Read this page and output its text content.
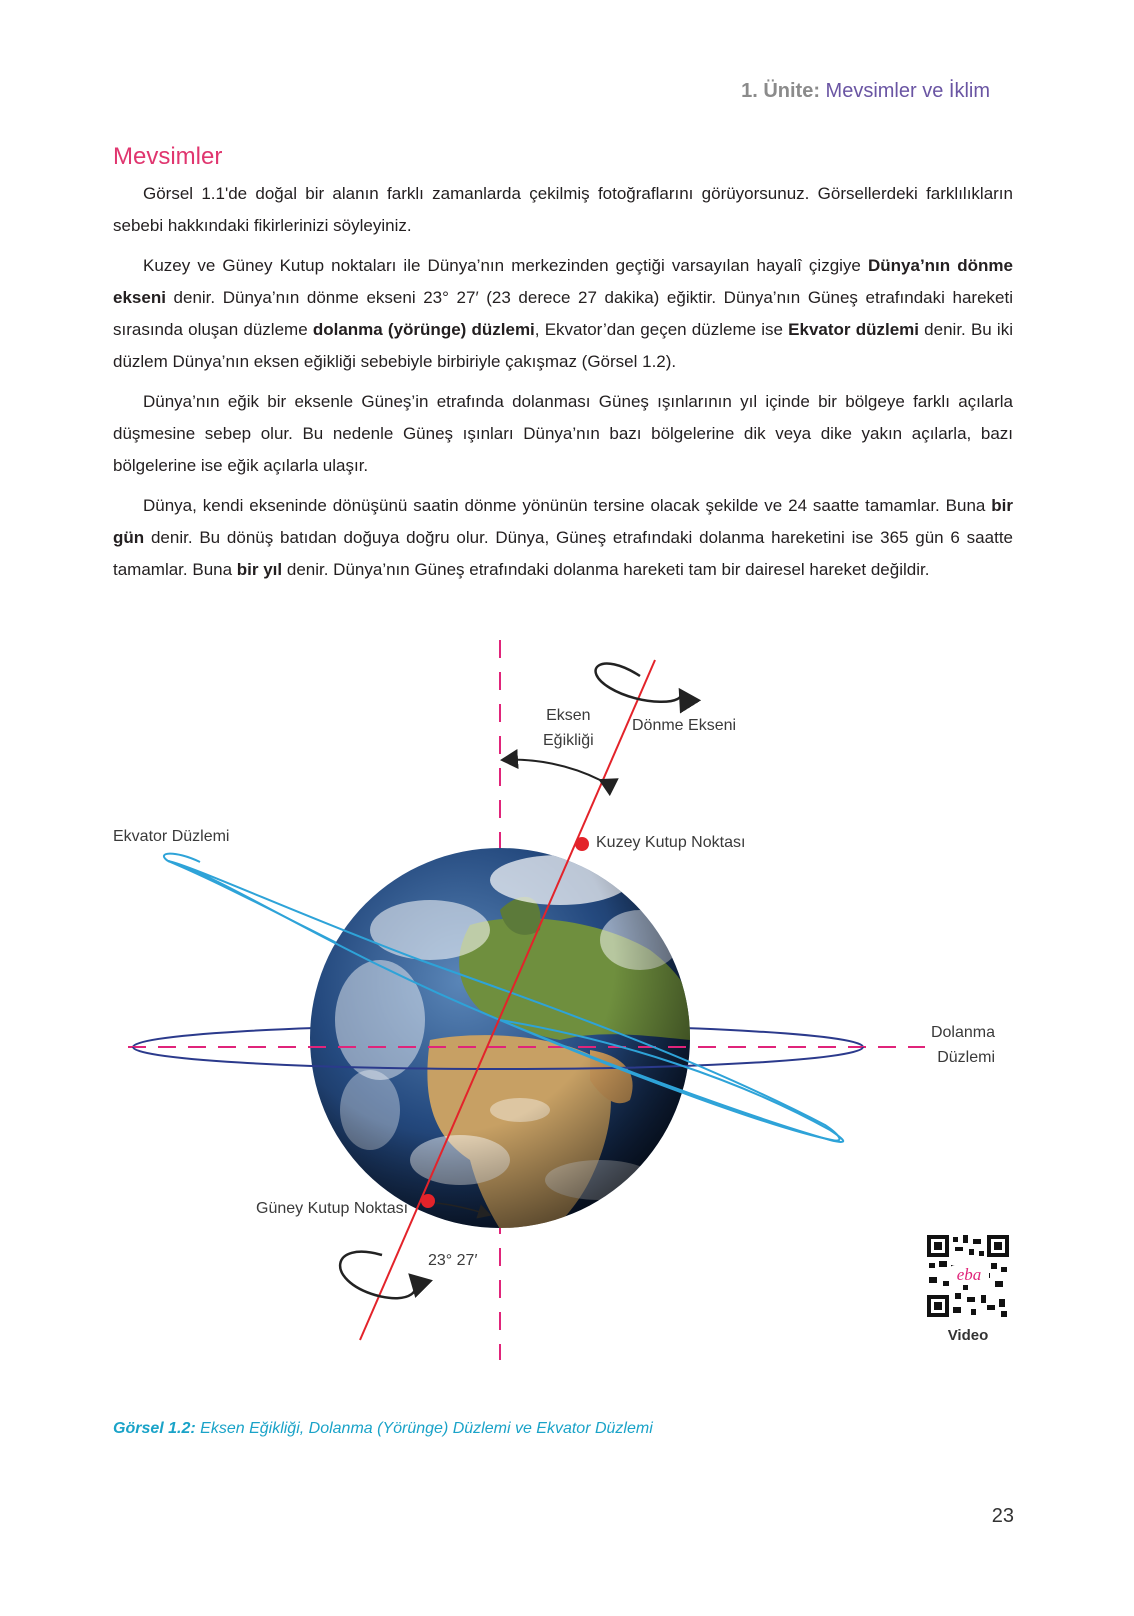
1. Ünite: Mevsimler ve İklim
Mevsimler

Görsel 1.1'de doğal bir alanın farklı zamanlarda çekilmiş fotoğraflarını görüyorsunuz. Görsellerdeki farklılıkların sebebi hakkındaki fikirlerinizi söyleyiniz.

Kuzey ve Güney Kutup noktaları ile Dünya’nın merkezinden geçtiği varsayılan hayalî çizgiye Dünya’nın dönme ekseni denir. Dünya’nın dönme ekseni 23° 27′ (23 derece 27 dakika) eğiktir. Dünya’nın Güneş etrafındaki hareketi sırasında oluşan düzleme dolanma (yörünge) düzlemi, Ekvator’dan geçen düzleme ise Ekvator düzlemi denir. Bu iki düzlem Dünya’nın eksen eğikliği sebebiyle birbiriyle çakışmaz (Görsel 1.2).

Dünya’nın eğik bir eksenle Güneş’in etrafında dolanması Güneş ışınlarının yıl içinde bir bölgeye farklı açılarla düşmesine sebep olur. Bu nedenle Güneş ışınları Dünya’nın bazı bölgelerine dik veya dike yakın açılarla, bazı bölgelerine ise eğik açılarla ulaşır.

Dünya, kendi ekseninde dönüşünü saatin dönme yönünün tersine olacak şekilde ve 24 saatte tamamlar. Buna bir gün denir. Bu dönüş batıdan doğuya doğru olur. Dünya, Güneş etrafındaki dolanma hareketini ise 365 gün 6 saatte tamamlar. Buna bir yıl denir. Dünya’nın Güneş etrafındaki dolanma hareketi tam bir dairesel hareket değildir.

Eksen
Eğikliği
Dönme Ekseni
Kuzey Kutup Noktası
Ekvator Düzlemi
Dolanma
Düzlemi
Güney Kutup Noktası
23° 27′
eba
Video
Görsel 1.2: Eksen Eğikliği, Dolanma (Yörünge) Düzlemi ve Ekvator Düzlemi
23
